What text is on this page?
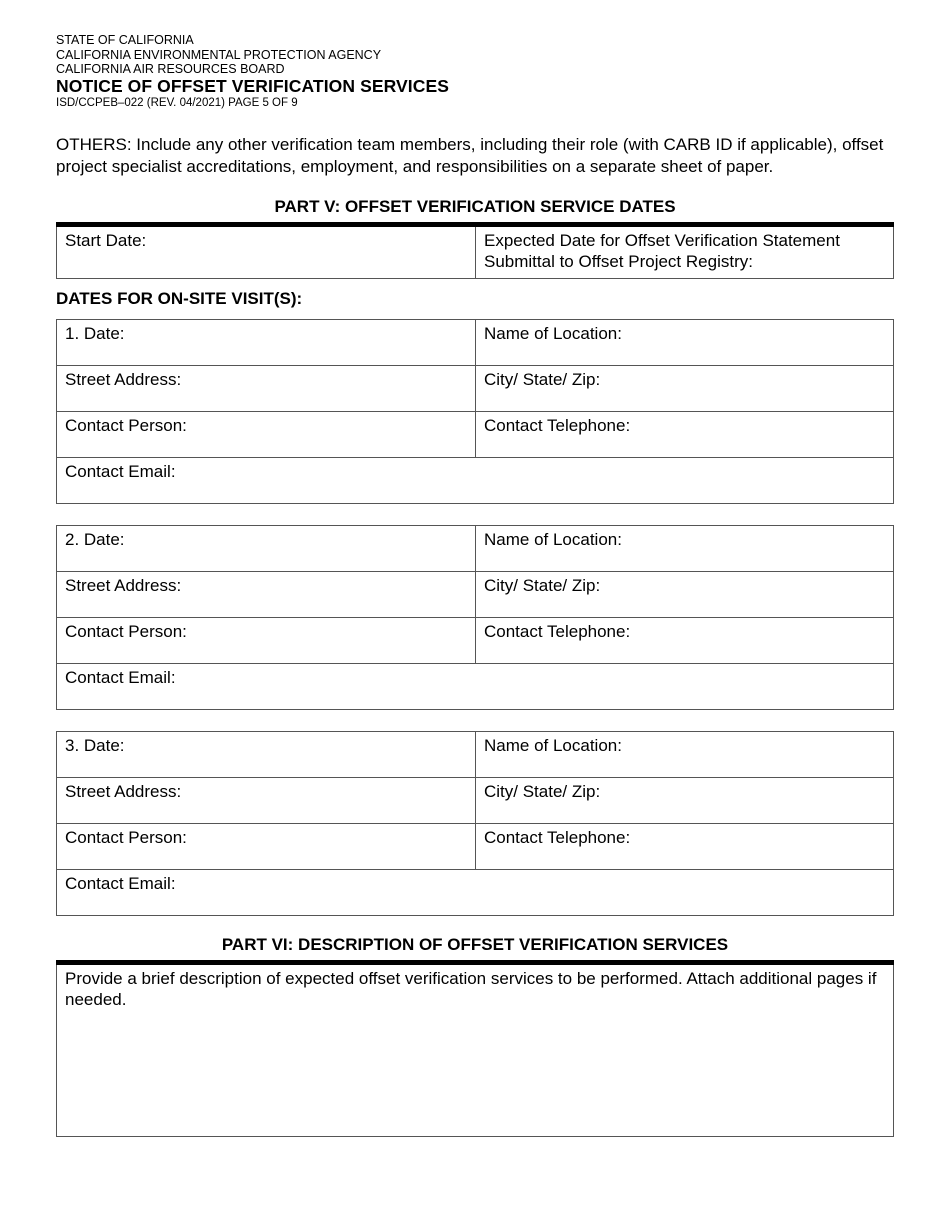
STATE OF CALIFORNIA

CALIFORNIA ENVIRONMENTAL PROTECTION AGENCY

CALIFORNIA AIR RESOURCES BOARD

NOTICE OF OFFSET VERIFICATION SERVICES

ISD/CCPEB–022 (REV. 04/2021) PAGE 5 OF 9

OTHERS: Include any other verification team members, including their role (with CARB ID if applicable), offset project specialist accreditations, employment, and responsibilities on a separate sheet of paper.

PART V: OFFSET VERIFICATION SERVICE DATES

Start Date:	Expected Date for Offset Verification Statement Submittal to Offset Project Registry:

DATES FOR ON-SITE VISIT(S):

1. Date:	Name of Location:
Street Address:	City/ State/ Zip:
Contact Person:	Contact Telephone:
Contact Email:	
2. Date:	Name of Location:
Street Address:	City/ State/ Zip:
Contact Person:	Contact Telephone:
Contact Email:	
3. Date:	Name of Location:
Street Address:	City/ State/ Zip:
Contact Person:	Contact Telephone:
Contact Email:	

PART VI: DESCRIPTION OF OFFSET VERIFICATION SERVICES

Provide a brief description of expected offset verification services to be performed. Attach additional pages if needed.
